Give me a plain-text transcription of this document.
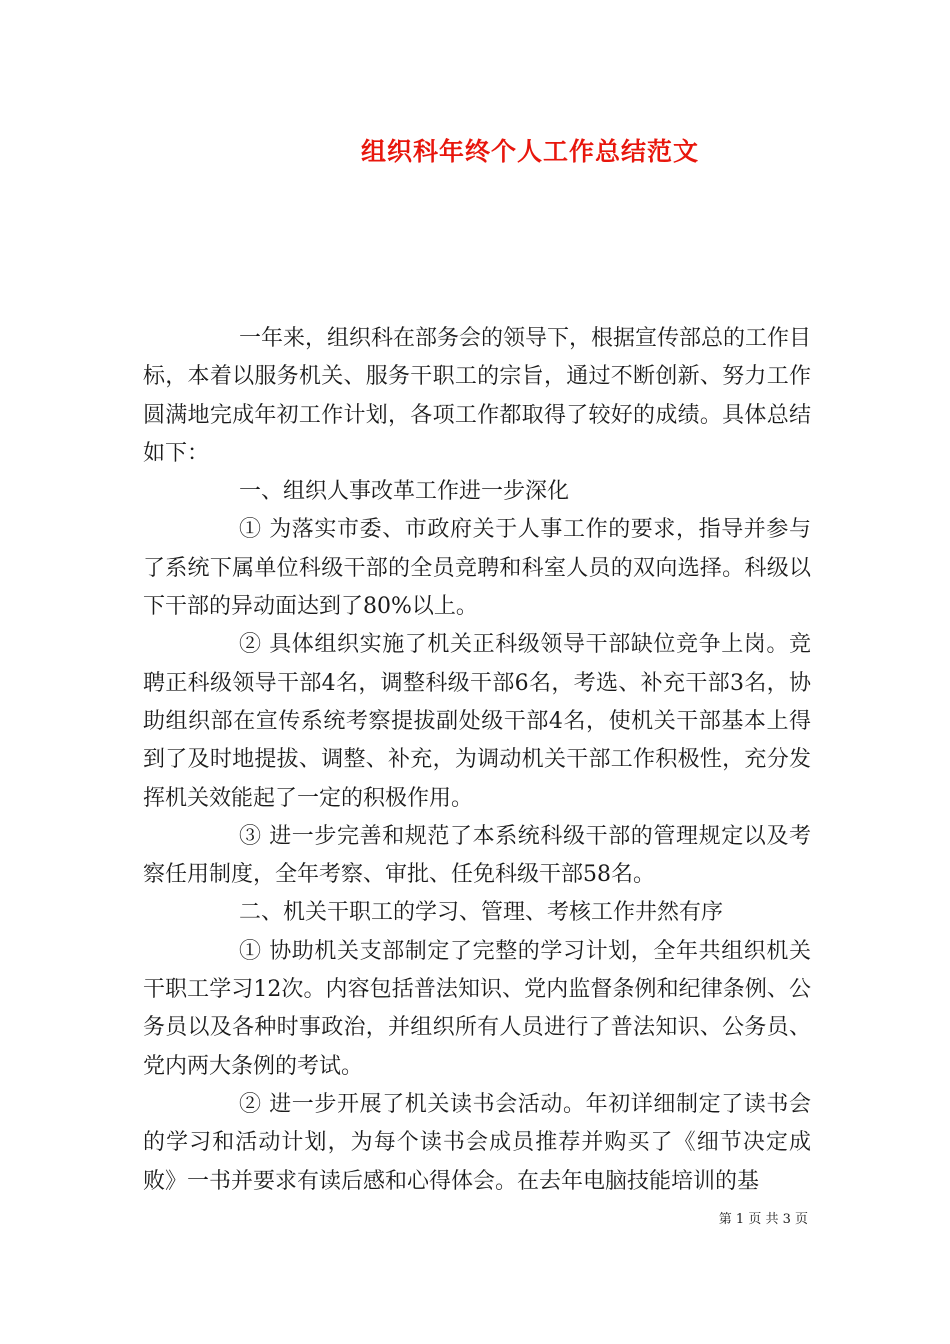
组织科年终个人工作总结范文

一年来，组织科在部务会的领导下，根据宣传部总的工作目标，本着以服务机关、服务干职工的宗旨，通过不断创新、努力工作圆满地完成年初工作计划，各项工作都取得了较好的成绩。具体总结如下：

一、组织人事改革工作进一步深化

① 为落实市委、市政府关于人事工作的要求，指导并参与了系统下属单位科级干部的全员竞聘和科室人员的双向选择。科级以下干部的异动面达到了80%以上。

② 具体组织实施了机关正科级领导干部缺位竞争上岗。竞聘正科级领导干部4名，调整科级干部6名，考选、补充干部3名，协助组织部在宣传系统考察提拔副处级干部4名，使机关干部基本上得到了及时地提拔、调整、补充，为调动机关干部工作积极性，充分发挥机关效能起了一定的积极作用。

③ 进一步完善和规范了本系统科级干部的管理规定以及考察任用制度，全年考察、审批、任免科级干部58名。

二、机关干职工的学习、管理、考核工作井然有序

① 协助机关支部制定了完整的学习计划，全年共组织机关干职工学习12次。内容包括普法知识、党内监督条例和纪律条例、公务员以及各种时事政治，并组织所有人员进行了普法知识、公务员、党内两大条例的考试。

② 进一步开展了机关读书会活动。年初详细制定了读书会的学习和活动计划，为每个读书会成员推荐并购买了《细节决定成败》一书并要求有读后感和心得体会。在去年电脑技能培训的基

第 1 页 共 3 页
